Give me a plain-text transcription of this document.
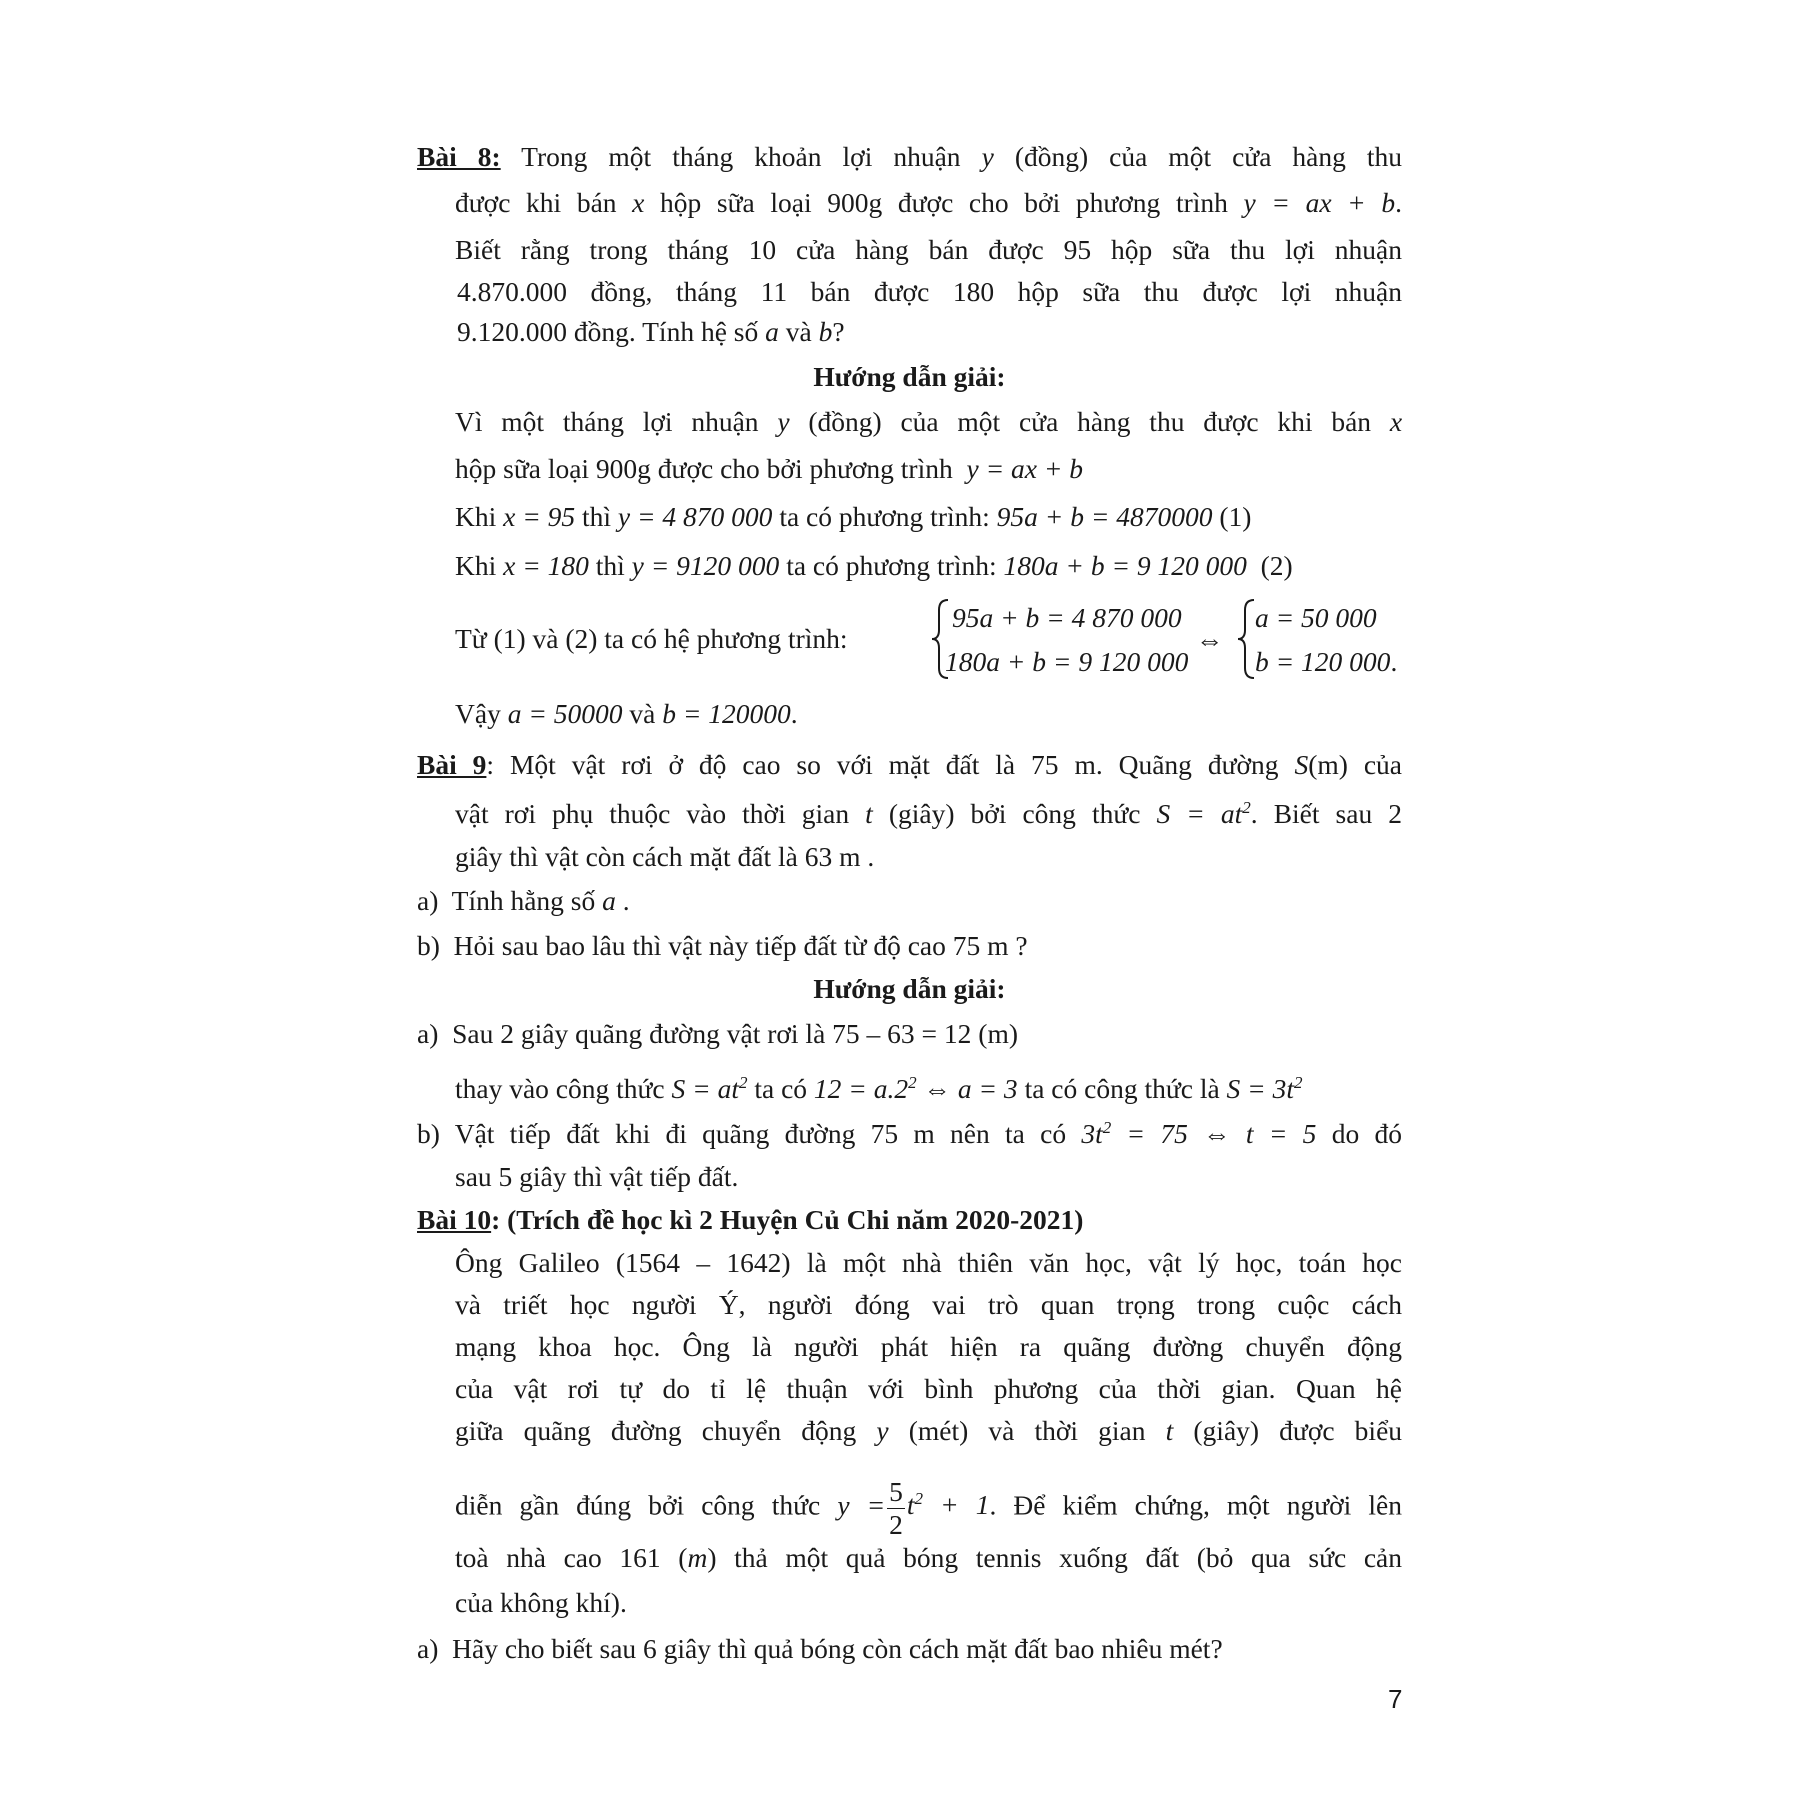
Bài 8: Trong một tháng khoản lợi nhuận y (đồng) của một cửa hàng thu
được khi bán x hộp sữa loại 900g được cho bởi phương trình y = ax + b.
Biết rằng trong tháng 10 cửa hàng bán được 95 hộp sữa thu lợi nhuận
4.870.000 đồng, tháng 11 bán được 180 hộp sữa thu được lợi nhuận
9.120.000 đồng. Tính hệ số a và b?
Hướng dẫn giải:
Vì một tháng lợi nhuận y (đồng) của một cửa hàng thu được khi bán x
hộp sữa loại 900g được cho bởi phương trình y = ax + b
Khi x = 95 thì y = 4 870 000 ta có phương trình: 95a + b = 4870000 (1)
Khi x = 180 thì y = 9120 000 ta có phương trình: 180a + b = 9 120 000 (2)
Từ (1) và (2) ta có hệ phương trình:
95a + b = 4 870 000
180a + b = 9 120 000
⇔
a = 50 000
b = 120 000.
Vậy a = 50000 và b = 120000.
Bài 9: Một vật rơi ở độ cao so với mặt đất là 75 m. Quãng đường S(m) của
vật rơi phụ thuộc vào thời gian t (giây) bởi công thức $S = at^2$. Biết sau 2
giây thì vật còn cách mặt đất là 63 m .
a) Tính hằng số a .
b) Hỏi sau bao lâu thì vật này tiếp đất từ độ cao 75 m ?
Hướng dẫn giải:
a) Sau 2 giây quãng đường vật rơi là 75 – 63 = 12 (m)
thay vào công thức $S = at^2$ ta có $12 = a.2^2$ ⇔ a = 3 ta có công thức là $S = 3t^2$
b) Vật tiếp đất khi đi quãng đường 75 m nên ta có $3t^2 = 75$ ⇔ t = 5 do đó
sau 5 giây thì vật tiếp đất.
Bài 10: (Trích đề học kì 2 Huyện Củ Chi năm 2020-2021)
Ông Galileo (1564 – 1642) là một nhà thiên văn học, vật lý học, toán học
và triết học người Ý, người đóng vai trò quan trọng trong cuộc cách
mạng khoa học. Ông là người phát hiện ra quãng đường chuyển động
của vật rơi tự do tỉ lệ thuận với bình phương của thời gian. Quan hệ
giữa quãng đường chuyển động y (mét) và thời gian t (giây) được biểu
diễn gần đúng bởi công thức $y = \frac{5}{2} t^2 + 1$. Để kiểm chứng, một người lên
toà nhà cao 161 (m) thả một quả bóng tennis xuống đất (bỏ qua sức cản
của không khí).
a) Hãy cho biết sau 6 giây thì quả bóng còn cách mặt đất bao nhiêu mét?
7
